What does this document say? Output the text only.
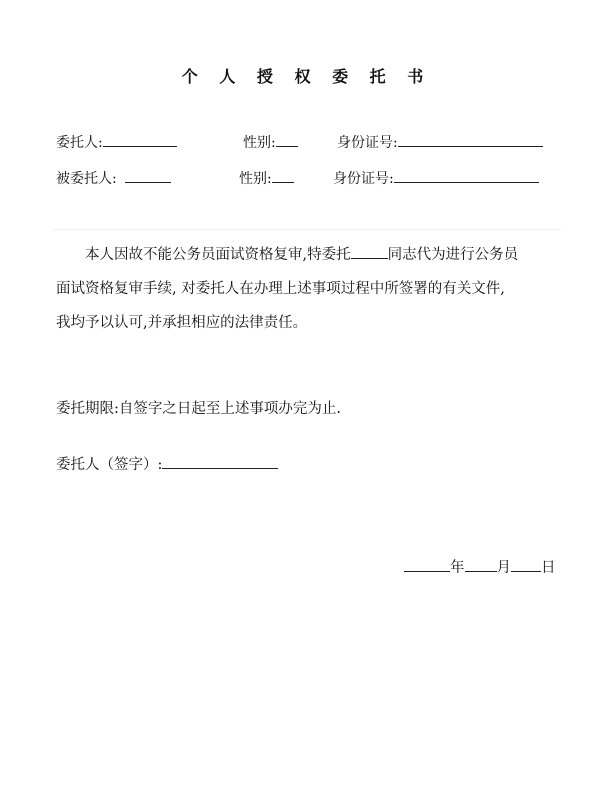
个 人 授 权 委 托 书
委托人:	性别:	身份证号:
被委托人:	性别:	身份证号:

本人因故不能公务员面试资格复审,特委托	同志代为进行公务员

面试资格复审手续, 对委托人在办理上述事项过程中所签署的有关文件,

我均予以认可,并承担相应的法律责任。

委托期限:自签字之日起至上述事项办完为止.
委托人（签字）:
年 月 日
